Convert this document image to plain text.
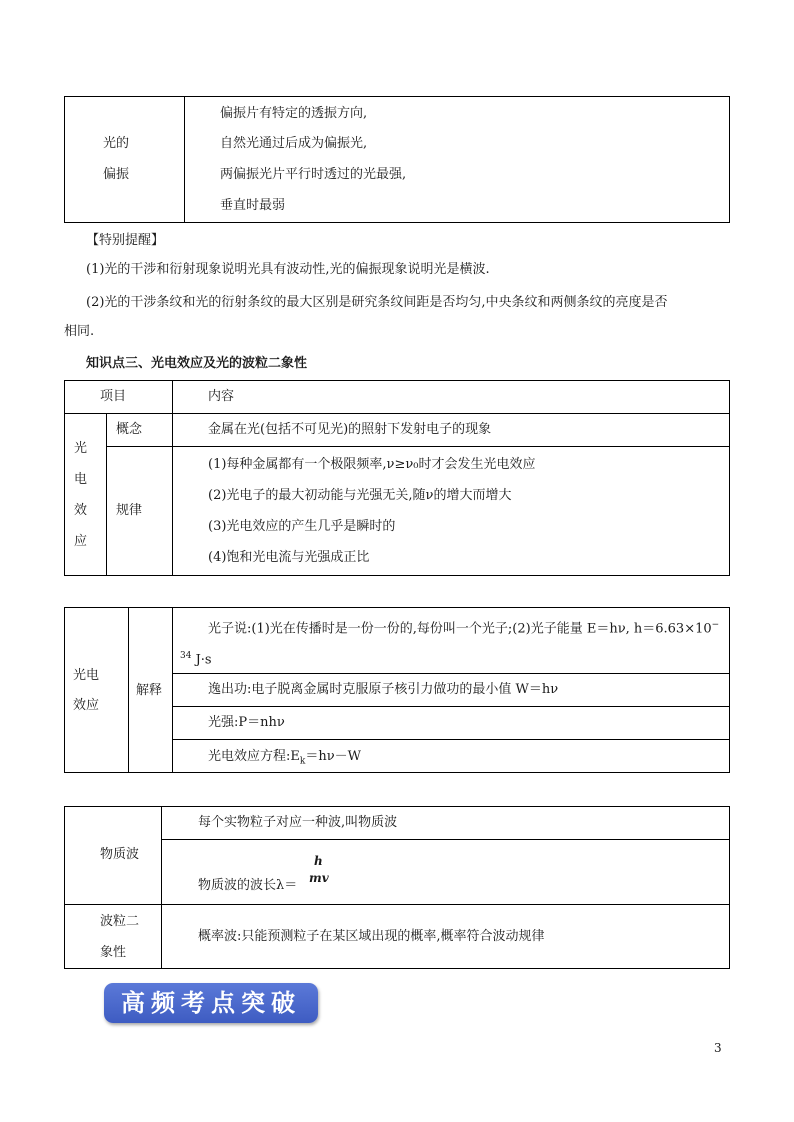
光的
偏振
偏振片有特定的透振方向,
自然光通过后成为偏振光,
两偏振光片平行时透过的光最强,
垂直时最弱
【特别提醒】
(1)光的干涉和衍射现象说明光具有波动性,光的偏振现象说明光是横波.
(2)光的干涉条纹和光的衍射条纹的最大区别是研究条纹间距是否均匀,中央条纹和两侧条纹的亮度是否
相同.
知识点三、光电效应及光的波粒二象性
项目	内容
光
电
效
应
概念	金属在光(包括不可见光)的照射下发射电子的现象
规律
(1)每种金属都有一个极限频率,ν≥ν₀时才会发生光电效应
(2)光电子的最大初动能与光强无关,随ν的增大而增大
(3)光电效应的产生几乎是瞬时的
(4)饱和光电流与光强成正比
光电
效应
解释
光子说:(1)光在传播时是一份一份的,每份叫一个光子;(2)光子能量 E＝hν, h＝6.63×10−
$^{34}$ J·s
逸出功:电子脱离金属时克服原子核引力做功的最小值 W＝hν
光强:P＝nhν
光电效应方程$:E_k=h\nu-W$
物质波
每个实物粒子对应一种波,叫物质波
物质波的波长λ＝
h
mv
波粒二
象性
概率波:只能预测粒子在某区域出现的概率,概率符合波动规律
高频考点突破
3
